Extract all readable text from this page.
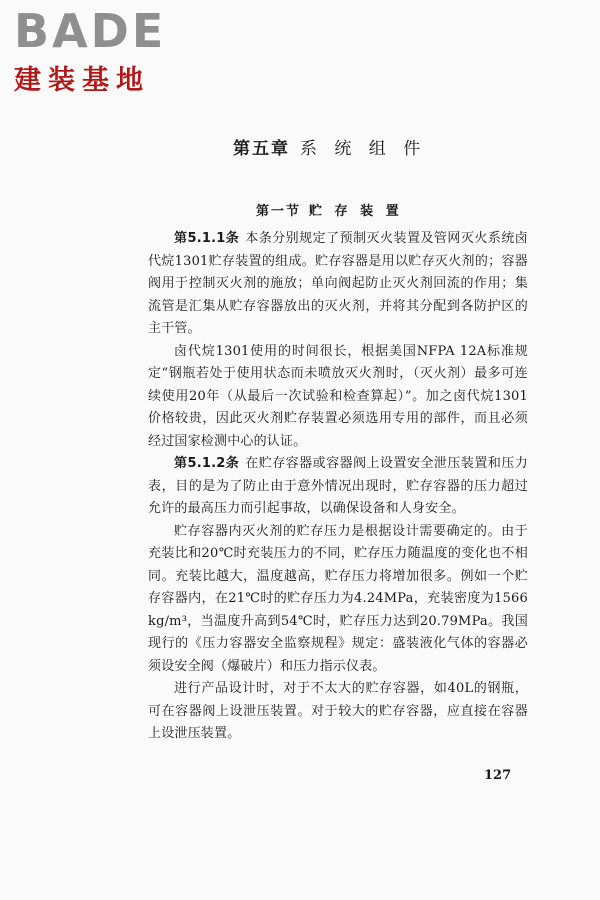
BADE
建装基地
第五章 系 统 组 件
第一节 贮 存 装 置

第5.1.1条 本条分别规定了预制灭火装置及管网灭火系统卤代烷1301贮存装置的组成。贮存容器是用以贮存灭火剂的；容器阀用于控制灭火剂的施放；单向阀起防止灭火剂回流的作用；集流管是汇集从贮存容器放出的灭火剂，并将其分配到各防护区的主干管。

卤代烷1301使用的时间很长，根据美国NFPA 12A标准规定“钢瓶若处于使用状态而未喷放灭火剂时，（灭火剂）最多可连续使用20年（从最后一次试验和检查算起）”。加之卤代烷1301价格较贵，因此灭火剂贮存装置必须选用专用的部件，而且必须经过国家检测中心的认证。

第5.1.2条 在贮存容器或容器阀上设置安全泄压装置和压力表，目的是为了防止由于意外情况出现时，贮存容器的压力超过允许的最高压力而引起事故，以确保设备和人身安全。

贮存容器内灭火剂的贮存压力是根据设计需要确定的。由于充装比和20℃时充装压力的不同，贮存压力随温度的变化也不相同。充装比越大，温度越高，贮存压力将增加很多。例如一个贮存容器内，在21℃时的贮存压力为4.24MPa，充装密度为1566 kg/m³，当温度升高到54℃时，贮存压力达到20.79MPa。我国现行的《压力容器安全监察规程》规定：盛装液化气体的容器必须设安全阀（爆破片）和压力指示仪表。

进行产品设计时，对于不太大的贮存容器，如40L的钢瓶，可在容器阀上设泄压装置。对于较大的贮存容器，应直接在容器上设泄压装置。

127
